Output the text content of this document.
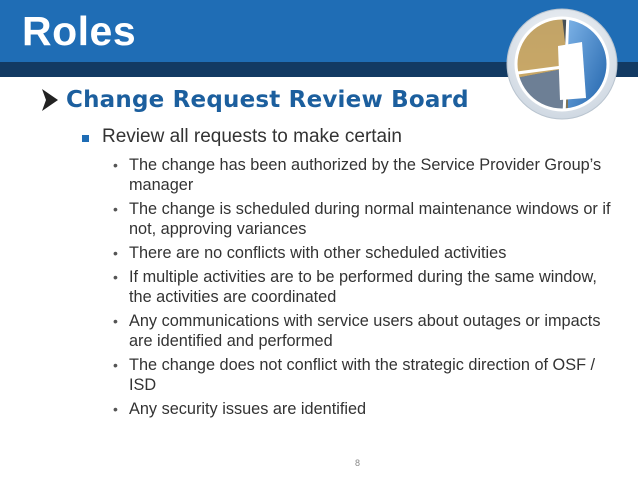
Roles
Change Request Review Board
Review all requests to make certain
• The change has been authorized by the Service Provider Group’s manager
• The change is scheduled during normal maintenance windows or if not, approving variances
• There are no conflicts with other scheduled activities
• If multiple activities are to be performed during the same window, the activities are coordinated
• Any communications with service users about outages or impacts are identified and performed
• The change does not conflict with the strategic direction of OSF / ISD
• Any security issues are identified
8
